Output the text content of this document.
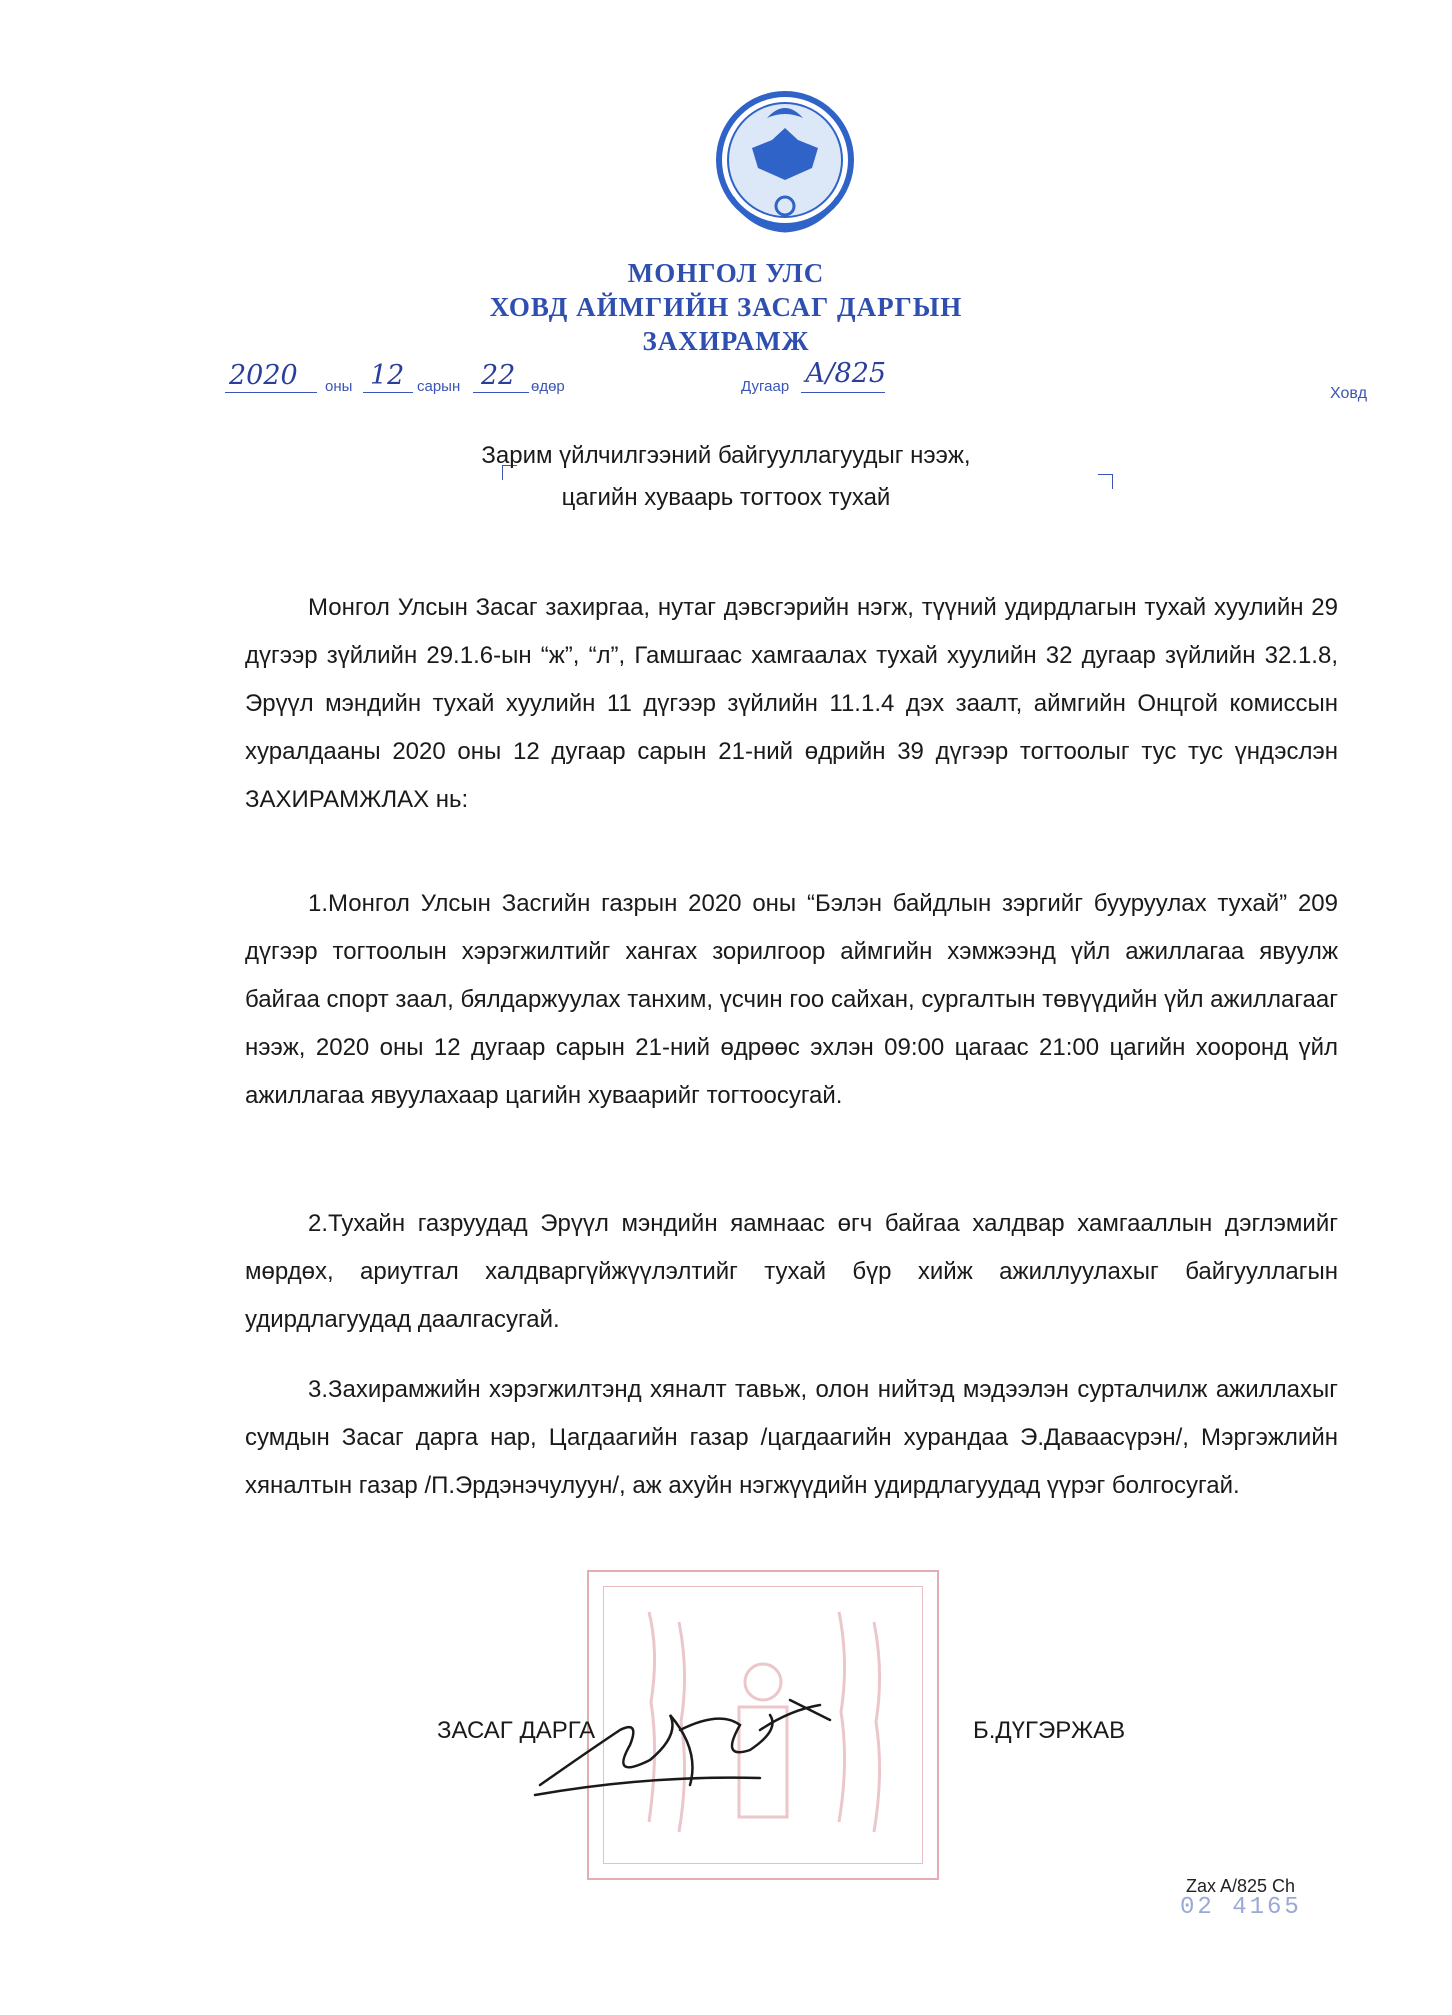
МОНГОЛ УЛС
ХОВД АЙМГИЙН ЗАСАГ ДАРГЫН
ЗАХИРАМЖ
2020 оны 12 сарын 22 өдөр	Дугаар А/825
Ховд
Зарим үйлчилгээний байгууллагуудыг нээж,
цагийн хуваарь тогтоох тухай

Монгол Улсын Засаг захиргаа, нутаг дэвсгэрийн нэгж, түүний удирдлагын тухай хуулийн 29 дүгээр зүйлийн 29.1.6-ын “ж”, “л”, Гамшгаас хамгаалах тухай хуулийн 32 дугаар зүйлийн 32.1.8, Эрүүл мэндийн тухай хуулийн 11 дүгээр зүйлийн 11.1.4 дэх заалт, аймгийн Онцгой комиссын хуралдааны 2020 оны 12 дугаар сарын 21-ний өдрийн 39 дүгээр тогтоолыг тус тус үндэслэн ЗАХИРАМЖЛАХ нь:

1.Монгол Улсын Засгийн газрын 2020 оны “Бэлэн байдлын зэргийг бууруулах тухай” 209 дүгээр тогтоолын хэрэгжилтийг хангах зорилгоор аймгийн хэмжээнд үйл ажиллагаа явуулж байгаа спорт заал, бялдаржуулах танхим, үсчин гоо сайхан, сургалтын төвүүдийн үйл ажиллагааг нээж, 2020 оны 12 дугаар сарын 21-ний өдрөөс эхлэн 09:00 цагаас 21:00 цагийн хооронд үйл ажиллагаа явуулахаар цагийн хуваарийг тогтоосугай.

2.Тухайн газруудад Эрүүл мэндийн яамнаас өгч байгаа халдвар хамгааллын дэглэмийг мөрдөх, ариутгал халдваргүйжүүлэлтийг тухай бүр хийж ажиллуулахыг байгууллагын удирдлагуудад даалгасугай.

3.Захирамжийн хэрэгжилтэнд хяналт тавьж, олон нийтэд мэдээлэн сурталчилж ажиллахыг сумдын Засаг дарга нар, Цагдаагийн газар /цагдаагийн хурандаа Э.Даваасүрэн/, Мэргэжлийн хяналтын газар /П.Эрдэнэчулуун/, аж ахуйн нэгжүүдийн удирдлагуудад үүрэг болгосугай.

ЗАСАГ ДАРГА	Б.ДҮГЭРЖАВ
02 4165
Zax A/825 Ch
